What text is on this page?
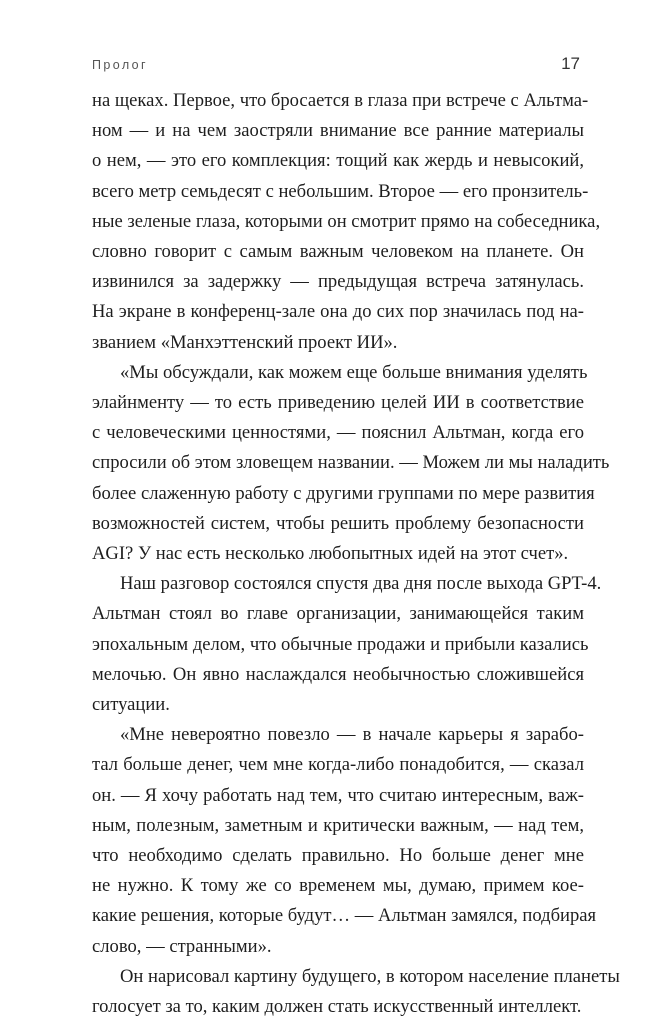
Пролог	17

на щеках. Первое, что бросается в глаза при встрече с Альтма-
ном — и на чем заостряли внимание все ранние материалы
о нем, — это его комплекция: тощий как жердь и невысокий,
всего метр семьдесят с небольшим. Второе — его пронзитель-
ные зеленые глаза, которыми он смотрит прямо на собеседника,
словно говорит с самым важным человеком на планете. Он
извинился за задержку — предыдущая встреча затянулась.
На экране в конференц-зале она до сих пор значилась под на-
званием «Манхэттенский проект ИИ».

«Мы обсуждали, как можем еще больше внимания уделять
элайнменту — то есть приведению целей ИИ в соответствие
с человеческими ценностями, — пояснил Альтман, когда его
спросили об этом зловещем названии. — Можем ли мы наладить
более слаженную работу с другими группами по мере развития
возможностей систем, чтобы решить проблему безопасности
AGI? У нас есть несколько любопытных идей на этот счет».

Наш разговор состоялся спустя два дня после выхода GPT-4.
Альтман стоял во главе организации, занимающейся таким
эпохальным делом, что обычные продажи и прибыли казались
мелочью. Он явно наслаждался необычностью сложившейся
ситуации.

«Мне невероятно повезло — в начале карьеры я зарабо-
тал больше денег, чем мне когда-либо понадобится, — сказал
он. — Я хочу работать над тем, что считаю интересным, важ-
ным, полезным, заметным и критически важным, — над тем,
что необходимо сделать правильно. Но больше денег мне
не нужно. К тому же со временем мы, думаю, примем кое-
какие решения, которые будут… — Альтман замялся, подбирая
слово, — странными».

Он нарисовал картину будущего, в котором население планеты
голосует за то, каким должен стать искусственный интеллект.
